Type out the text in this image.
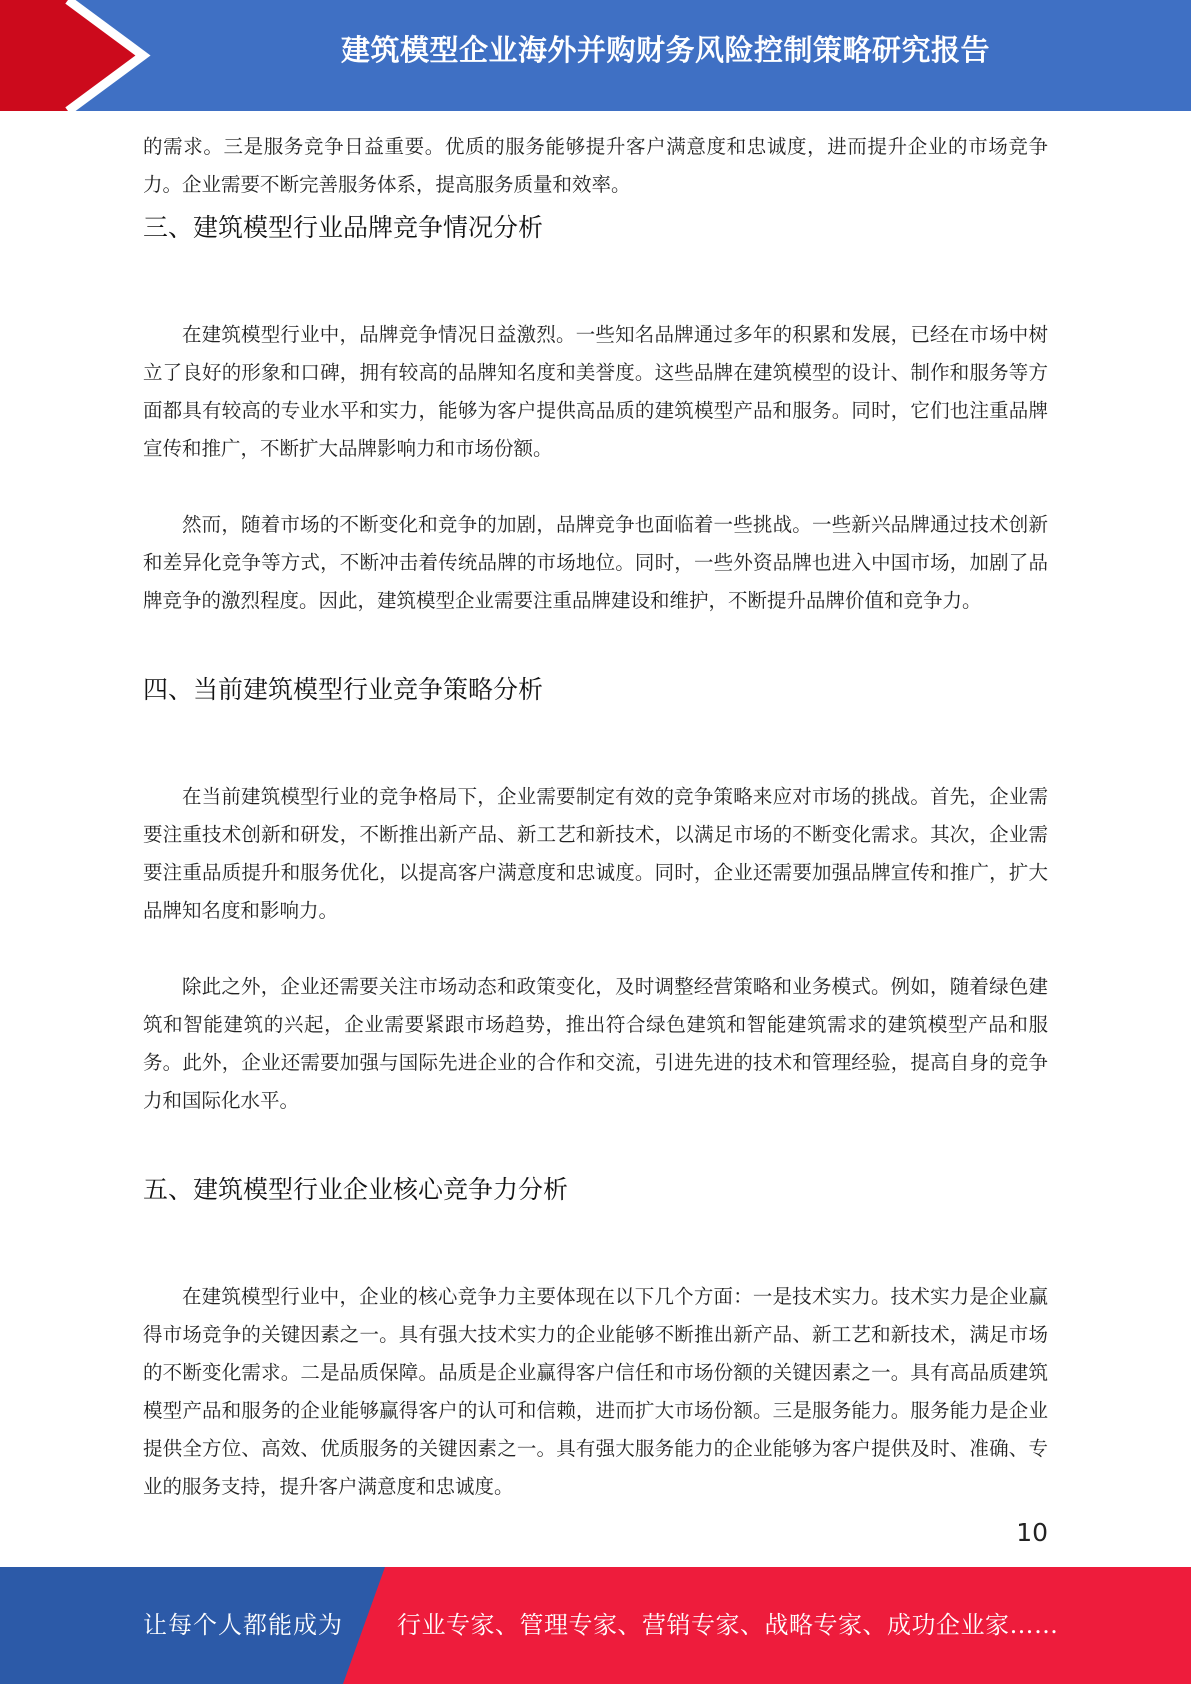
建筑模型企业海外并购财务风险控制策略研究报告

的需求。三是服务竞争日益重要。优质的服务能够提升客户满意度和忠诚度，进而提升企业的市场竞争力。企业需要不断完善服务体系，提高服务质量和效率。

三、建筑模型行业品牌竞争情况分析

在建筑模型行业中，品牌竞争情况日益激烈。一些知名品牌通过多年的积累和发展，已经在市场中树立了良好的形象和口碑，拥有较高的品牌知名度和美誉度。这些品牌在建筑模型的设计、制作和服务等方面都具有较高的专业水平和实力，能够为客户提供高品质的建筑模型产品和服务。同时，它们也注重品牌宣传和推广，不断扩大品牌影响力和市场份额。

然而，随着市场的不断变化和竞争的加剧，品牌竞争也面临着一些挑战。一些新兴品牌通过技术创新和差异化竞争等方式，不断冲击着传统品牌的市场地位。同时，一些外资品牌也进入中国市场，加剧了品牌竞争的激烈程度。因此，建筑模型企业需要注重品牌建设和维护，不断提升品牌价值和竞争力。

四、当前建筑模型行业竞争策略分析

在当前建筑模型行业的竞争格局下，企业需要制定有效的竞争策略来应对市场的挑战。首先，企业需要注重技术创新和研发，不断推出新产品、新工艺和新技术，以满足市场的不断变化需求。其次，企业需要注重品质提升和服务优化，以提高客户满意度和忠诚度。同时，企业还需要加强品牌宣传和推广，扩大品牌知名度和影响力。

除此之外，企业还需要关注市场动态和政策变化，及时调整经营策略和业务模式。例如，随着绿色建筑和智能建筑的兴起，企业需要紧跟市场趋势，推出符合绿色建筑和智能建筑需求的建筑模型产品和服务。此外，企业还需要加强与国际先进企业的合作和交流，引进先进的技术和管理经验，提高自身的竞争力和国际化水平。

五、建筑模型行业企业核心竞争力分析

在建筑模型行业中，企业的核心竞争力主要体现在以下几个方面：一是技术实力。技术实力是企业赢得市场竞争的关键因素之一。具有强大技术实力的企业能够不断推出新产品、新工艺和新技术，满足市场的不断变化需求。二是品质保障。品质是企业赢得客户信任和市场份额的关键因素之一。具有高品质建筑模型产品和服务的企业能够赢得客户的认可和信赖，进而扩大市场份额。三是服务能力。服务能力是企业提供全方位、高效、优质服务的关键因素之一。具有强大服务能力的企业能够为客户提供及时、准确、专业的服务支持，提升客户满意度和忠诚度。

10
让每个人都能成为 行业专家、管理专家、营销专家、战略专家、成功企业家……
